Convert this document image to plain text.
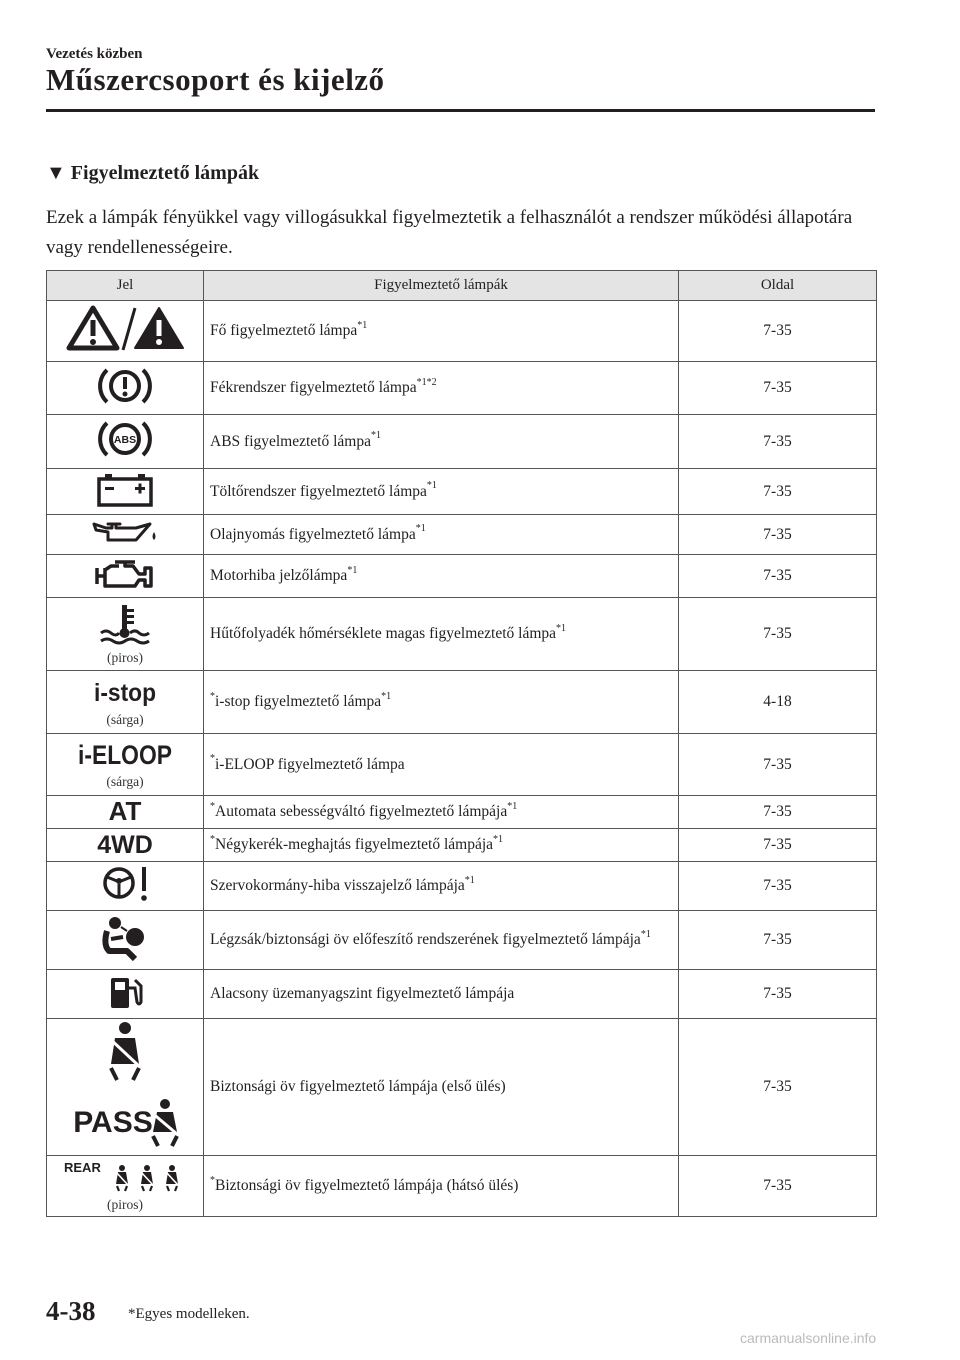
Vezetés közben
Műszercsoport és kijelző
▼ Figyelmeztető lámpák
Ezek a lámpák fényükkel vagy villogásukkal figyelmeztetik a felhasználót a rendszer működési állapotára vagy rendellenességeire.
Jel	Figyelmeztető lámpák	Oldal
	Fő figyelmeztető lámpa$^{*1}$	7-35
	Fékrendszer figyelmeztető lámpa$^{*1*2}$	7-35

ABS	ABS figyelmeztető lámpa$^{*1}$	7-35
	Töltőrendszer figyelmeztető lámpa$^{*1}$	7-35
	Olajnyomás figyelmeztető lámpa$^{*1}$	7-35
	Motorhiba jelzőlámpa$^{*1}$	7-35

(piros)	Hűtőfolyadék hőmérséklete magas figyelmeztető lámpa$^{*1}$	7-35

i-stop
(sárga)	*i-stop figyelmeztető lámpa$^{*1}$	4-18

i-ELOOP
(sárga)	*i-ELOOP figyelmeztető lámpa	7-35

AT	*Automata sebességváltó figyelmeztető lámpája$^{*1}$	7-35

4WD	*Négykerék-meghajtás figyelmeztető lámpája$^{*1}$	7-35
	Szervokormány-hiba visszajelző lámpája$^{*1}$	7-35
	Légzsák/biztonsági öv előfeszítő rendszerének figyelmeztető lámpája$^{*1}$	7-35
	Alacsony üzemanyagszint figyelmeztető lámpája	7-35

PASS	Biztonsági öv figyelmeztető lámpája (első ülés)	7-35

REAR
(piros)	*Biztonsági öv figyelmeztető lámpája (hátsó ülés)	7-35
4-38 *Egyes modelleken.
carmanualsonline.info
